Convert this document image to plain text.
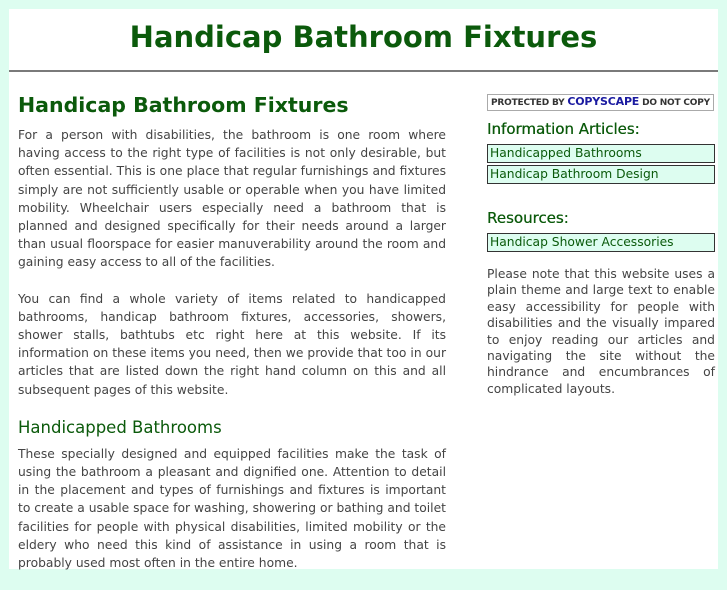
Handicap Bathroom Fixtures
Handicap Bathroom Fixtures

For a person with disabilities, the bathroom is one room where having access to the right type of facilities is not only desirable, but often essential. This is one place that regular furnishings and fixtures simply are not sufficiently usable or operable when you have limited mobility. Wheelchair users especially need a bathroom that is planned and designed specifically for their needs around a larger than usual floorspace for easier manuverability around the room and gaining easy access to all of the facilities.

You can find a whole variety of items related to handicapped bathrooms, handicap bathroom fixtures, accessories, showers, shower stalls, bathtubs etc right here at this website. If its information on these items you need, then we provide that too in our articles that are listed down the right hand column on this and all subsequent pages of this website.

Handicapped Bathrooms

These specially designed and equipped facilities make the task of using the bathroom a pleasant and dignified one. Attention to detail in the placement and types of furnishings and fixtures is important to create a usable space for washing, showering or bathing and toilet facilities for people with physical disabilities, limited mobility or the eldery who need this kind of assistance in using a room that is probably used most often in the entire home.

PROTECTED BY COPYSCAPE DO NOT COPY
Information Articles:
Handicapped Bathrooms
Handicap Bathroom Design
Resources:
Handicap Shower Accessories

Please note that this website uses a plain theme and large text to enable easy accessibility for people with disabilities and the visually impared to enjoy reading our articles and navigating the site without the hindrance and encumbrances of complicated layouts.
